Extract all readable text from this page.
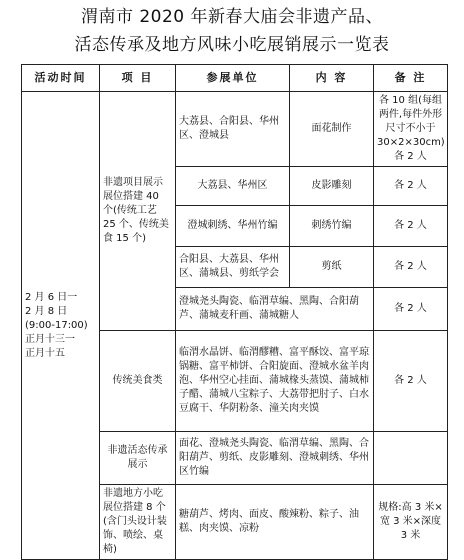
渭南市 2020 年新春大庙会非遗产品、
活态传承及地方风味小吃展销展示一览表
活动时间	项 目	参展单位	内 容	备 注

2 月 6 日一
2 月 8 日
(9:00-17:00)
正月十三一
正月十五	非遗项目展示展位搭建 40 个(传统工艺 25 个、传统美食 15 个)	大荔县、合阳县、华州区、澄城县	面花制作	各 10 组(每组两件,每件外形尺寸不小于 30×2×30cm)各 2 人
		大荔县、华州区	皮影雕刻	各 2 人
		澄城刺绣、华州竹编	刺绣竹编	各 2 人
		合阳县、大荔县、华州区、蒲城县、剪纸学会	剪纸	各 2 人
		澄城尧头陶瓷、临渭草编、黑陶、合阳葫芦、蒲城麦秆画、蒲城糖人		各 2 人
	传统美食类	临渭水晶饼、临渭醪糟、富平酥饺、富平琼锅糖、富平柿饼、合阳旋面、澄城水盆羊肉泡、华州空心挂面、蒲城椽头蒸馍、蒲城柿子醋、蒲城八宝粽子、大荔带把肘子、白水豆腐干、华阴粉条、潼关肉夹馍		各 2 人
	非遗活态传承展示	面花、澄城尧头陶瓷、临渭草编、黑陶、合阳葫芦、剪纸、皮影雕刻、澄城刺绣、华州区竹编		
	非遗地方小吃展位搭建 8 个(含门头设计装饰、喷绘、桌椅)	糖葫芦、烤肉、面皮、酸辣粉、粽子、油糕、肉夹馍、凉粉		规格:高 3 米×宽 3 米×深度 3 米
